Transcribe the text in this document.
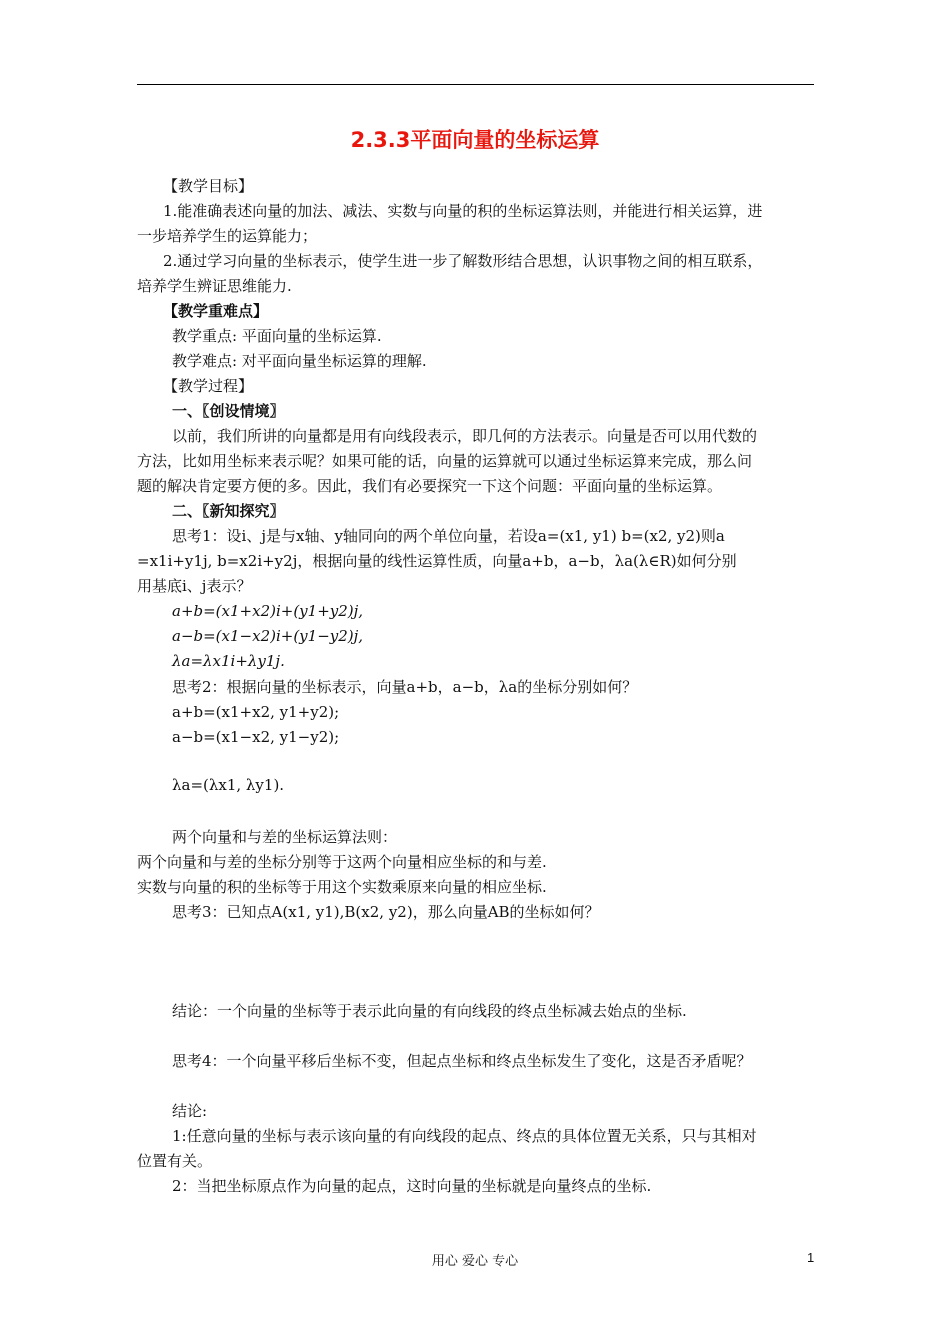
2.3.3平面向量的坐标运算
【教学目标】
1.能准确表述向量的加法、减法、实数与向量的积的坐标运算法则，并能进行相关运算，进
一步培养学生的运算能力；
2.通过学习向量的坐标表示，使学生进一步了解数形结合思想，认识事物之间的相互联系，
培养学生辨证思维能力.
【教学重难点】
教学重点: 平面向量的坐标运算.
教学难点: 对平面向量坐标运算的理解.
【教学过程】
一、〖创设情境〗
以前，我们所讲的向量都是用有向线段表示，即几何的方法表示。向量是否可以用代数的
方法，比如用坐标来表示呢？如果可能的话，向量的运算就可以通过坐标运算来完成，那么问
题的解决肯定要方便的多。因此，我们有必要探究一下这个问题：平面向量的坐标运算。
二、〖新知探究〗
思考1：设i、j是与x轴、y轴同向的两个单位向量，若设a=(x1, y1) b=(x2, y2)则a
=x1i+y1j, b=x2i+y2j，根据向量的线性运算性质，向量a+b，a−b，λa(λ∈R)如何分别
用基底i、j表示？
a+b=(x1+x2)i+(y1+y2)j,
a−b=(x1−x2)i+(y1−y2)j,
λa=λx1i+λy1j.
思考2：根据向量的坐标表示，向量a+b，a−b，λa的坐标分别如何？
a+b=(x1+x2, y1+y2);
a−b=(x1−x2, y1−y2);
λa=(λx1, λy1).
两个向量和与差的坐标运算法则：
两个向量和与差的坐标分别等于这两个向量相应坐标的和与差.
实数与向量的积的坐标等于用这个实数乘原来向量的相应坐标.
思考3：已知点A(x1, y1),B(x2, y2)，那么向量AB的坐标如何？
结论：一个向量的坐标等于表示此向量的有向线段的终点坐标减去始点的坐标.
思考4：一个向量平移后坐标不变，但起点坐标和终点坐标发生了变化，这是否矛盾呢？
结论:
1:任意向量的坐标与表示该向量的有向线段的起点、终点的具体位置无关系，只与其相对
位置有关。
2：当把坐标原点作为向量的起点，这时向量的坐标就是向量终点的坐标.
用心 爱心 专心	1
